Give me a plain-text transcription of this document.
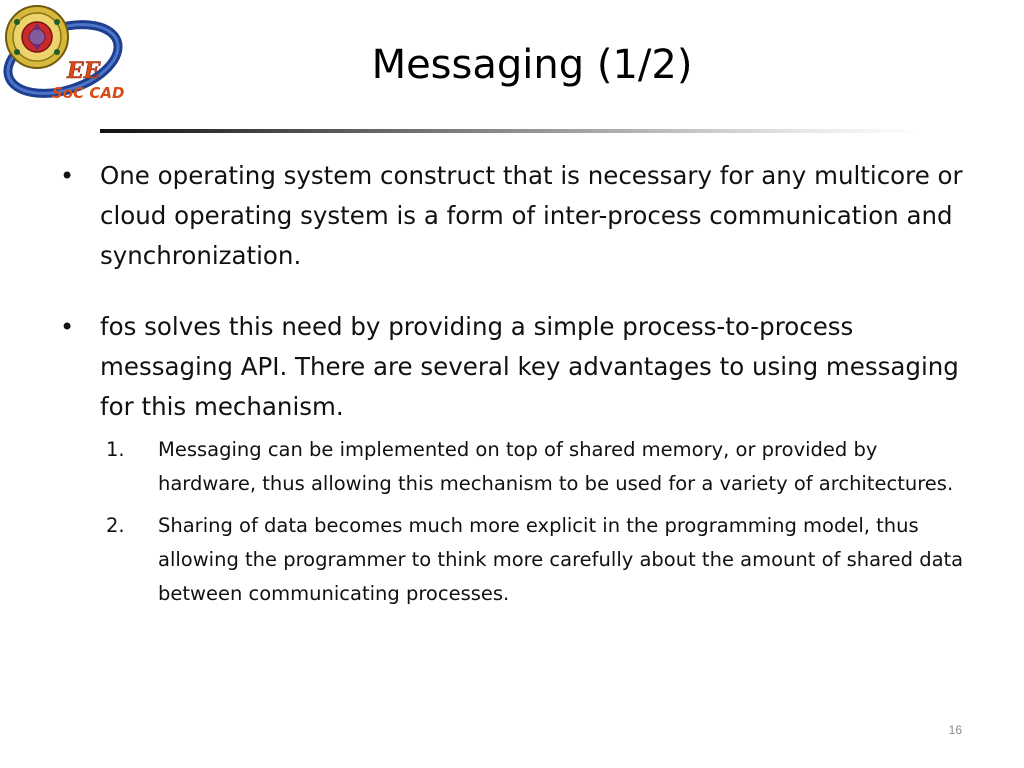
EE
SoC CAD
Messaging (1/2)
• One operating system construct that is necessary for any multicore or cloud operating system is a form of inter-process communication and synchronization.
• fos solves this need by providing a simple process-to-process messaging API. There are several key advantages to using messaging for this mechanism.
1. Messaging can be implemented on top of shared memory, or provided by hardware, thus allowing this mechanism to be used for a variety of architectures.
2. Sharing of data becomes much more explicit in the programming model, thus allowing the programmer to think more carefully about the amount of shared data between communicating processes.
16
